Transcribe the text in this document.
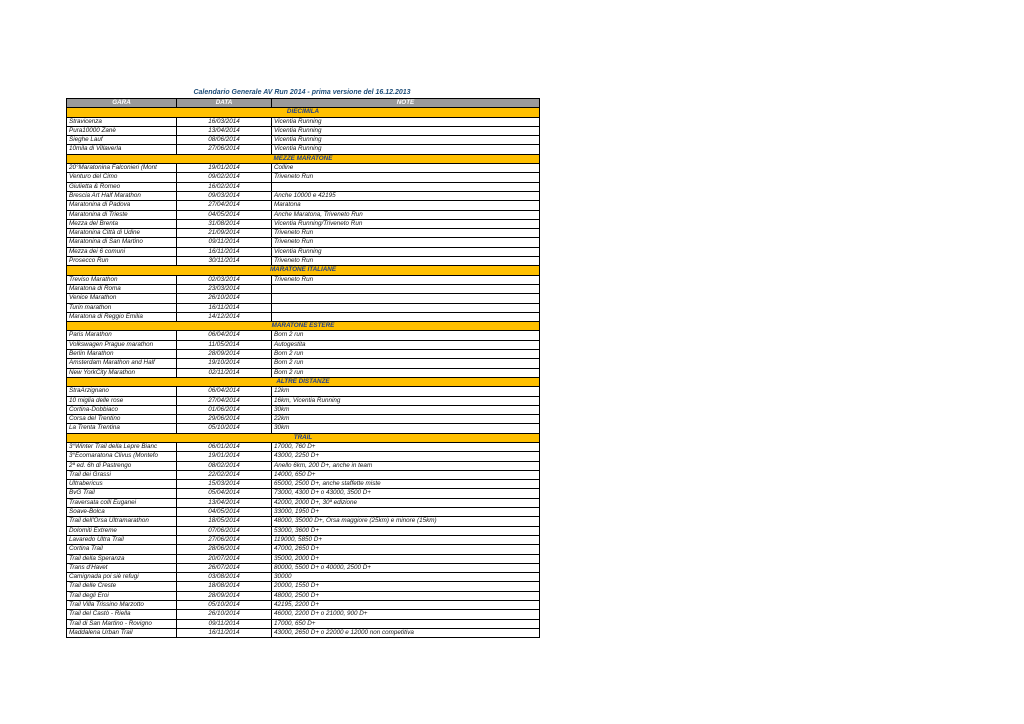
Calendario Generale AV Run 2014 - prima versione del 16.12.2013
GARA	DATA	NOTE
DIECIMILA		
Stravicenza	16/03/2014	Vicentia Running
Pura10000 Zanè	13/04/2014	Vicentia Running
Sieghe Lauf	08/06/2014	Vicentia Running
10mila di Villaverla	27/06/2014	Vicentia Running
MEZZE MARATONE		
20°Maratonina Falconieri (Mont	19/01/2014	Colline
Venturo del Cimo	09/02/2014	Triveneto Run
Giulietta & Romeo	16/02/2014	
Brescia Art Half Marathon	09/03/2014	Anche 10000 e 42195
Maratonina di Padova	27/04/2014	Maratona
Maratonina di Trieste	04/05/2014	Anche Maratona, Triveneto Run
Mezza del Brenta	31/08/2014	Vicentia Running/Triveneto Run
Maratonina Città di Udine	21/09/2014	Triveneto Run
Maratonina di San Martino	09/11/2014	Triveneto Run
Mezza dei 6 comuni	16/11/2014	Vicentia Running
Prosecco Run	30/11/2014	Triveneto Run
MARATONE ITALIANE		
Treviso Marathon	02/03/2014	Triveneto Run
Maratona di Roma	23/03/2014	
Venice Marathon	26/10/2014	
Turin marathon	16/11/2014	
Maratona di Reggio Emilia	14/12/2014	
MARATONE ESTERE		
Paris Marathon	06/04/2014	Born 2 run
Volkswagen Prague marathon	11/05/2014	Autogestita
Berlin Marathon	28/09/2014	Born 2 run
Amsterdam Marathon and Half	19/10/2014	Born 2 run
New YorkCity Marathon	02/11/2014	Born 2 run
ALTRE DISTANZE		
StraArzignano	06/04/2014	12km
10 miglia delle rose	27/04/2014	16km, Vicentia Running
Cortina-Dobbiaco	01/06/2014	30km
Corsa del Trentino	29/06/2014	22km
La Trenta Trentina	05/10/2014	30km
TRAIL		
3°Winter Trail della Lepre Bianc	06/01/2014	17000, 760 D+
3°Ecomaratona Clivus (Montefo	19/01/2014	43000, 2250 D+
2ª ed. 6h di Pastrengo	08/02/2014	Anello 6km, 200 D+, anche in team
Trail dei Grassi	22/02/2014	14000, 650 D+
Ultrabericus	15/03/2014	65000, 2500 D+, anche staffette miste
BvG Trail	05/04/2014	73000, 4300 D+ o 43000, 3500 D+
Traversata colli Euganei	13/04/2014	42000, 2000 D+, 30ª edizione
Soave-Bolca	04/05/2014	33000, 1950 D+
Trail dell'Orsa Ultramarathon	18/05/2014	48000, 35000 D+, Orsa maggiore (25km) e minore (15km)
Dolomiti Extreme	07/06/2014	53000, 3600 D+
Lavaredo Ultra Trail	27/06/2014	119000, 5850 D+
Cortina Trail	28/06/2014	47000, 2650 D+
Trail della Speranza	20/07/2014	35000, 2000 D+
Trans d'Havet	26/07/2014	80000, 5500 D+ o 40000, 2500 D+
Camignada poi siè refugi	03/08/2014	30000
Trail delle Creste	18/08/2014	20000, 1550 D+
Trail degli Eroi	28/09/2014	48000, 2500 D+
Trail Villa Trissino Marzotto	05/10/2014	42195, 2200 D+
Trail del Castò - Riella	26/10/2014	46000, 2200 D+ o 21000, 900 D+
Trail di San Martino - Rovigno	09/11/2014	17000, 650 D+
Maddalena Urban Trail	16/11/2014	43000, 2650 D+ o 22000 e 12000 non competitiva
